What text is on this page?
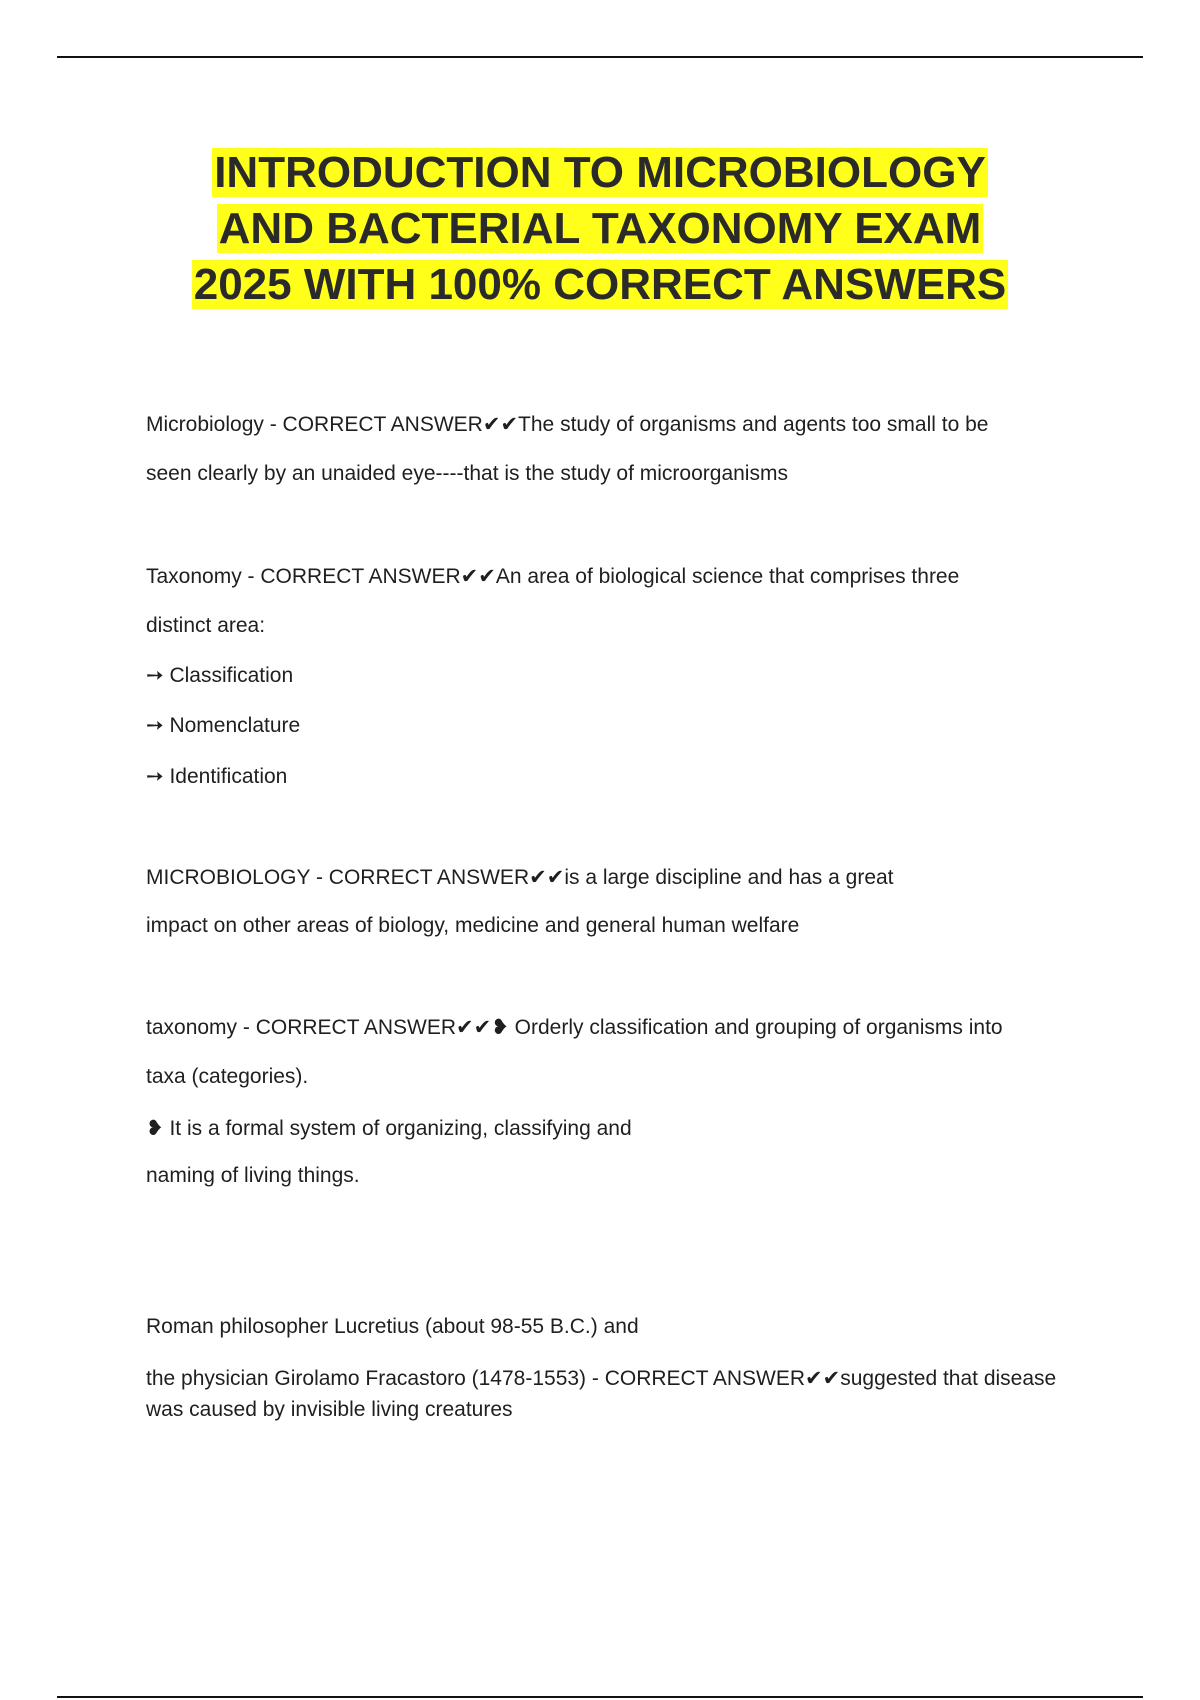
INTRODUCTION TO MICROBIOLOGY
AND BACTERIAL TAXONOMY EXAM
2025 WITH 100% CORRECT ANSWERS
Microbiology - CORRECT ANSWER✔✔The study of organisms and agents too small to be
seen clearly by an unaided eye----that is the study of microorganisms
Taxonomy - CORRECT ANSWER✔✔An area of biological science that comprises three
distinct area:
➙ Classification
➙ Nomenclature
➙ Identification
MICROBIOLOGY - CORRECT ANSWER✔✔is a large discipline and has a great
impact on other areas of biology, medicine and general human welfare
taxonomy - CORRECT ANSWER✔✔❥ Orderly classification and grouping of organisms into
taxa (categories).
❥ It is a formal system of organizing, classifying and
naming of living things.
Roman philosopher Lucretius (about 98-55 B.C.) and
the physician Girolamo Fracastoro (1478-1553) - CORRECT ANSWER✔✔suggested that disease
was caused by invisible living creatures
